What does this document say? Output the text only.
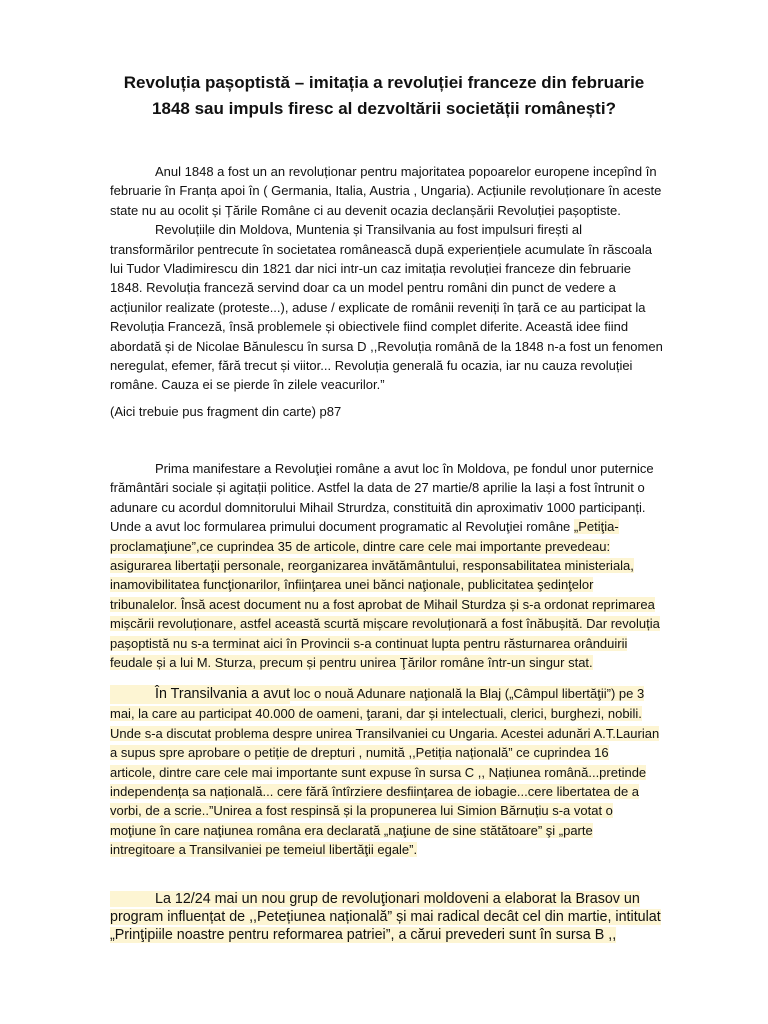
Revoluția pașoptistă – imitația a revoluției franceze din februarie
1848 sau impuls firesc al dezvoltării societății românești?
Anul 1848 a fost un an revoluționar pentru majoritatea popoarelor europene incepînd în
februarie în Franța apoi în ( Germania, Italia, Austria , Ungaria). Acțiunile revoluționare în aceste
state nu au ocolit și Țările Române ci au devenit ocazia declanșării Revoluției pașoptiste.
Revoluțiile din Moldova, Muntenia și Transilvania au fost impulsuri firești al
transformărilor pentrecute în societatea românească după experiențiele acumulate în răscoala
lui Tudor Vladimirescu din 1821 dar nici intr-un caz imitația revoluției franceze din februarie
1848. Revoluția franceză servind doar ca un model pentru români din punct de vedere a
acțiunilor realizate (proteste...), aduse / explicate de românii reveniți în țară ce au participat la
Revoluția Franceză, însă problemele și obiectivele fiind complet diferite. Această idee fiind
abordată și de Nicolae Bănulescu în sursa D ,,Revoluția română de la 1848 n-a fost un fenomen
neregulat, efemer, fără trecut și viitor... Revoluția generală fu ocazia, iar nu cauza revoluției
române. Cauza ei se pierde în zilele veacurilor.”
(Aici trebuie pus fragment din carte) p87
Prima manifestare a Revoluţiei române a avut loc în Moldova, pe fondul unor puternice
frământări sociale și agitații politice. Astfel la data de 27 martie/8 aprilie la Iași a fost întrunit o
adunare cu acordul domnitorului Mihail Strurdza, constituită din aproximativ 1000 participanți.
Unde a avut loc formularea primului document programatic al Revoluţiei române „Petiţia-
proclamaţiune”,ce cuprindea 35 de articole, dintre care cele mai importante prevedeau:
asigurarea libertaţii personale, reorganizarea invătământului, responsabilitatea ministeriala,
inamovibilitatea funcţionarilor, înfiinţarea unei bănci naţionale, publicitatea şedinţelor
tribunalelor. Însă acest document nu a fost aprobat de Mihail Sturdza și s-a ordonat reprimarea
mișcării revoluționare, astfel această scurtă mișcare revoluționară a fost înăbușită. Dar revoluția
pașoptistă nu s-a terminat aici în Provincii s-a continuat lupta pentru răsturnarea orânduirii
feudale și a lui M. Sturza, precum și pentru unirea Ţărilor române într-un singur stat.
În Transilvania a avut loc o nouă Adunare naţională la Blaj („Câmpul libertăţii”) pe 3
mai, la care au participat 40.000 de oameni, ţarani, dar și intelectuali, clerici, burghezi, nobili.
Unde s-a discutat problema despre unirea Transilvaniei cu Ungaria. Acestei adunări A.T.Laurian
a supus spre aprobare o petiție de drepturi , numită ,,Petiția națională” ce cuprindea 16
articole, dintre care cele mai importante sunt expuse în sursa C ,, Națiunea română...pretinde
independența sa națională... cere fără întîrziere desființarea de iobagie...cere libertatea de a
vorbi, de a scrie..”Unirea a fost respinsă și la propunerea lui Simion Bărnuțiu s-a votat o
moţiune în care naţiunea româna era declarată „naţiune de sine stătătoare” şi „parte
intregitoare a Transilvaniei pe temeiul libertăţii egale”.
La 12/24 mai un nou grup de revoluţionari moldoveni a elaborat la Brasov un
program influențat de ,,Petețiunea națională” și mai radical decât cel din martie, intitulat
„Prinţipiile noastre pentru reformarea patriei”, a cărui prevederi sunt în sursa B ,,
